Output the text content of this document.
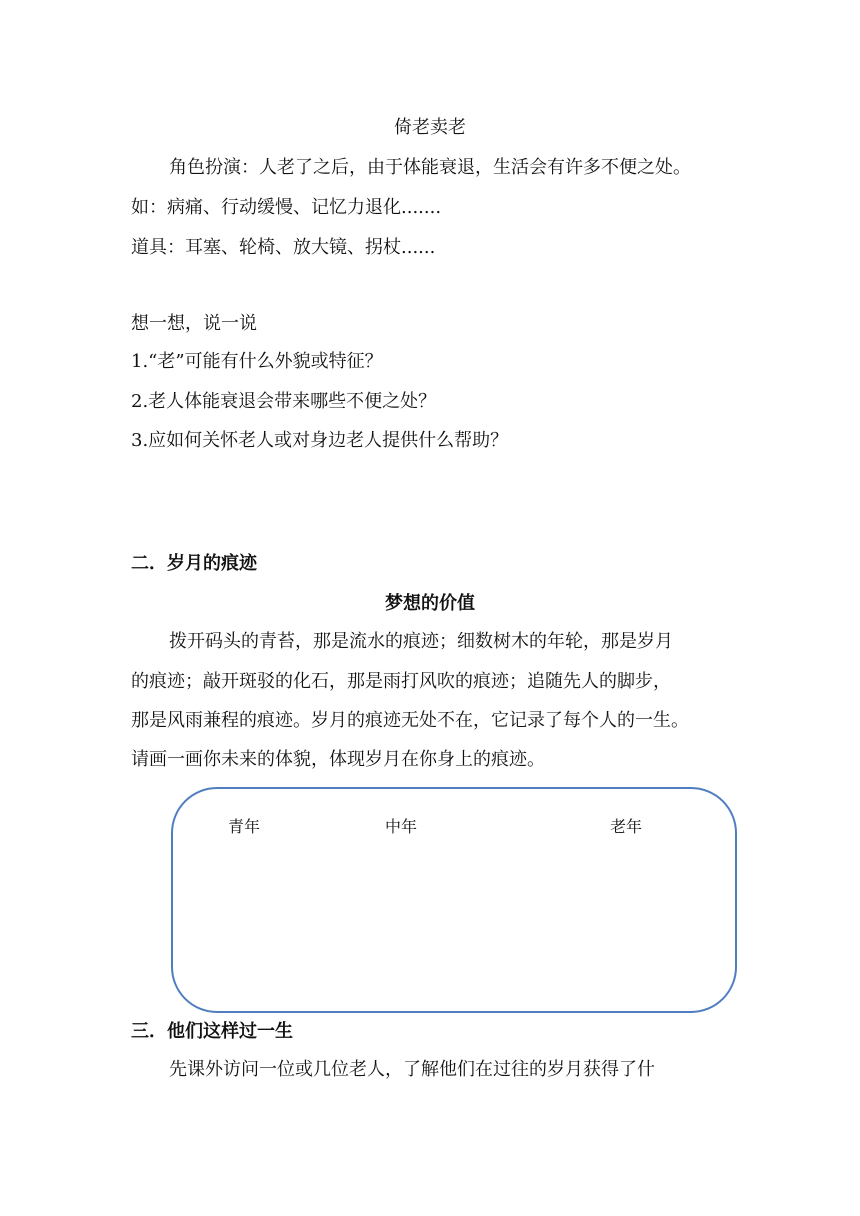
倚老卖老
角色扮演：人老了之后，由于体能衰退，生活会有许多不便之处。
如：病痛、行动缓慢、记忆力退化.......
道具：耳塞、轮椅、放大镜、拐杖......
想一想，说一说
1.“老”可能有什么外貌或特征？
2.老人体能衰退会带来哪些不便之处？
3.应如何关怀老人或对身边老人提供什么帮助？
二．岁月的痕迹
梦想的价值
拨开码头的青苔，那是流水的痕迹；细数树木的年轮，那是岁月
的痕迹；敲开斑驳的化石，那是雨打风吹的痕迹；追随先人的脚步，
那是风雨兼程的痕迹。岁月的痕迹无处不在，它记录了每个人的一生。
请画一画你未来的体貌，体现岁月在你身上的痕迹。
青年	中年	老年
三．他们这样过一生
先课外访问一位或几位老人，了解他们在过往的岁月获得了什
